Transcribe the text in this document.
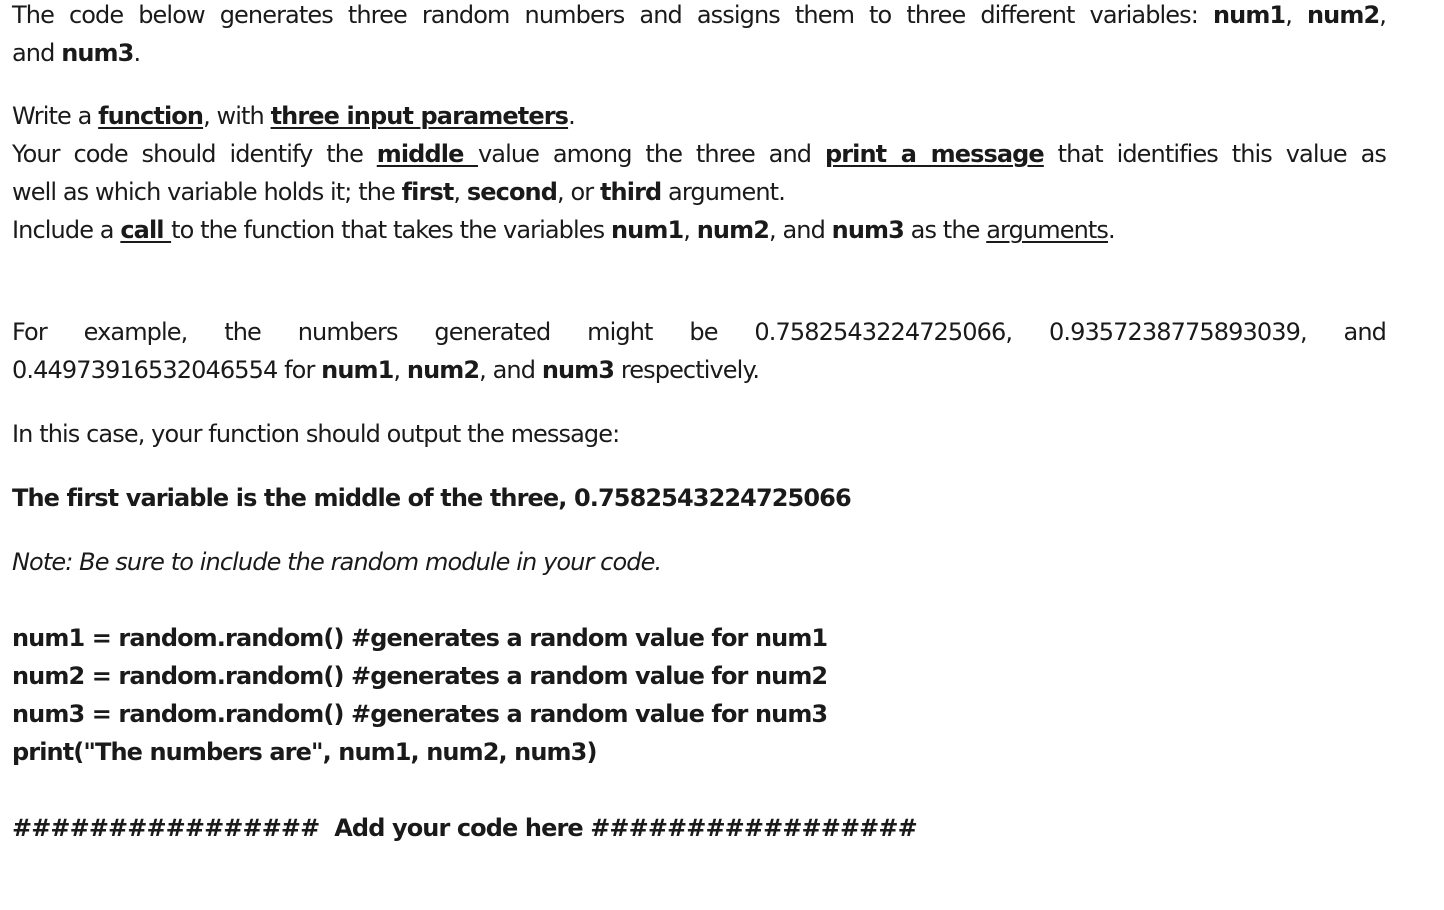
The code below generates three random numbers and assigns them to three different variables: num1, num2,
and num3.
Write a function, with three input parameters.
Your code should identify the middle value among the three and print a message that identifies this value as
well as which variable holds it; the first, second, or third argument.
Include a call to the function that takes the variables num1, num2, and num3 as the arguments.
For example, the numbers generated might be 0.7582543224725066, 0.9357238775893039, and
0.44973916532046554 for num1, num2, and num3 respectively.
In this case, your function should output the message:
The first variable is the middle of the three, 0.7582543224725066
Note: Be sure to include the random module in your code.
num1 = random.random() #generates a random value for num1
num2 = random.random() #generates a random value for num2
num3 = random.random() #generates a random value for num3
print("The numbers are", num1, num2, num3)
################  Add your code here #################
